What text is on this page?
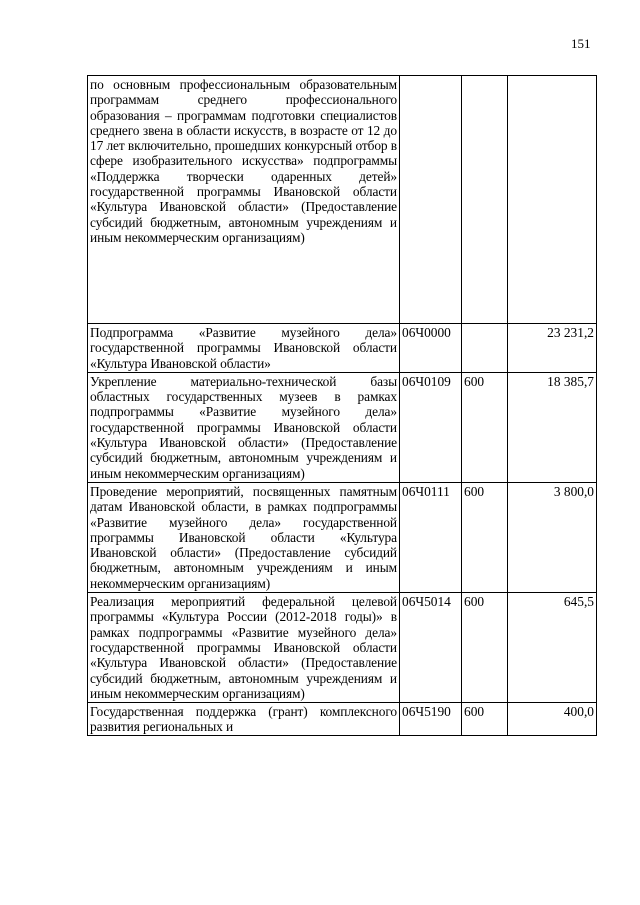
151
по основным профессиональным образовательным программам среднего профессионального образования – программам подготовки специалистов среднего звена в области искусств, в возрасте от 12 до 17 лет включительно, прошедших конкурсный отбор в сфере изобразительного искусства» подпрограммы «Поддержка творчески одаренных детей» государственной программы Ивановской области «Культура Ивановской области» (Предоставление субсидий бюджетным, автономным учреждениям и иным некоммерческим организациям)			
Подпрограмма «Развитие музейного дела» государственной программы Ивановской области «Культура Ивановской области»	06Ч0000		23 231,2
Укрепление материально-технической базы областных государственных музеев в рамках подпрограммы «Развитие музейного дела» государственной программы Ивановской области «Культура Ивановской области» (Предоставление субсидий бюджетным, автономным учреждениям и иным некоммерческим организациям)	06Ч0109	600	18 385,7
Проведение мероприятий, посвященных памятным датам Ивановской области, в рамках подпрограммы «Развитие музейного дела» государственной программы Ивановской области «Культура Ивановской области» (Предоставление субсидий бюджетным, автономным учреждениям и иным некоммерческим организациям)	06Ч0111	600	3 800,0
Реализация мероприятий федеральной целевой программы «Культура России (2012-2018 годы)» в рамках подпрограммы «Развитие музейного дела» государственной программы Ивановской области «Культура Ивановской области» (Предоставление субсидий бюджетным, автономным учреждениям и иным некоммерческим организациям)	06Ч5014	600	645,5
Государственная поддержка (грант) комплексного развития региональных и	06Ч5190	600	400,0
